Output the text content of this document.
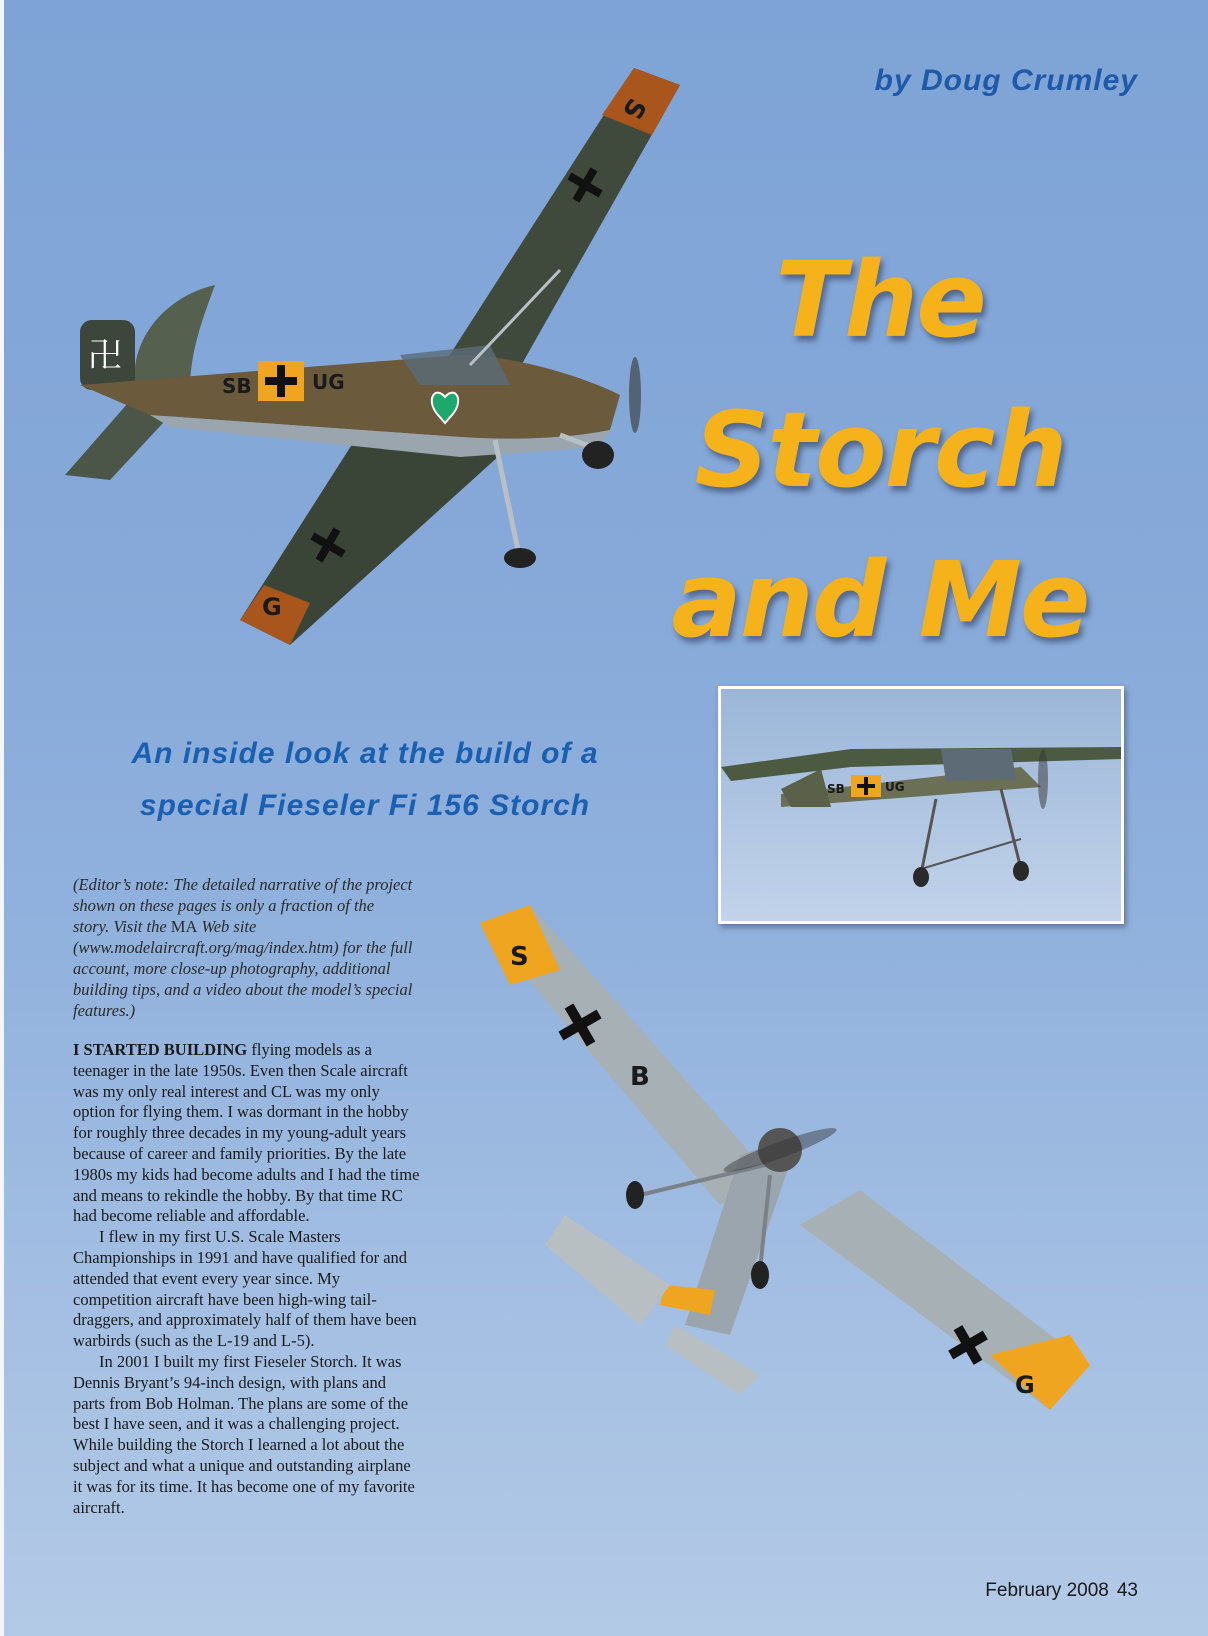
S
G
卍
SB	UG
by Doug Crumley
The Storch
and Me
An inside look at the build of a
special Fieseler Fi 156 Storch	SB	UG
S
B
G
(Editor’s note: The detailed narrative of the project shown on these pages is only a fraction of the story. Visit the MA Web site (www.modelaircraft.org/mag/index.htm) for the full account, more close-up photography, additional building tips, and a video about the model’s special features.)

I STARTED BUILDING flying models as a teenager in the late 1950s. Even then Scale aircraft was my only real interest and CL was my only option for flying them. I was dormant in the hobby for roughly three decades in my young-adult years because of career and family priorities. By the late 1980s my kids had become adults and I had the time and means to rekindle the hobby. By that time RC had become reliable and affordable.

I flew in my first U.S. Scale Masters Championships in 1991 and have qualified for and attended that event every year since. My competition aircraft have been high-wing tail-draggers, and approximately half of them have been warbirds (such as the L-19 and L-5).

In 2001 I built my first Fieseler Storch. It was Dennis Bryant’s 94-inch design, with plans and parts from Bob Holman. The plans are some of the best I have seen, and it was a challenging project. While building the Storch I learned a lot about the subject and what a unique and outstanding airplane it was for its time. It has become one of my favorite aircraft.

February 2008 43
